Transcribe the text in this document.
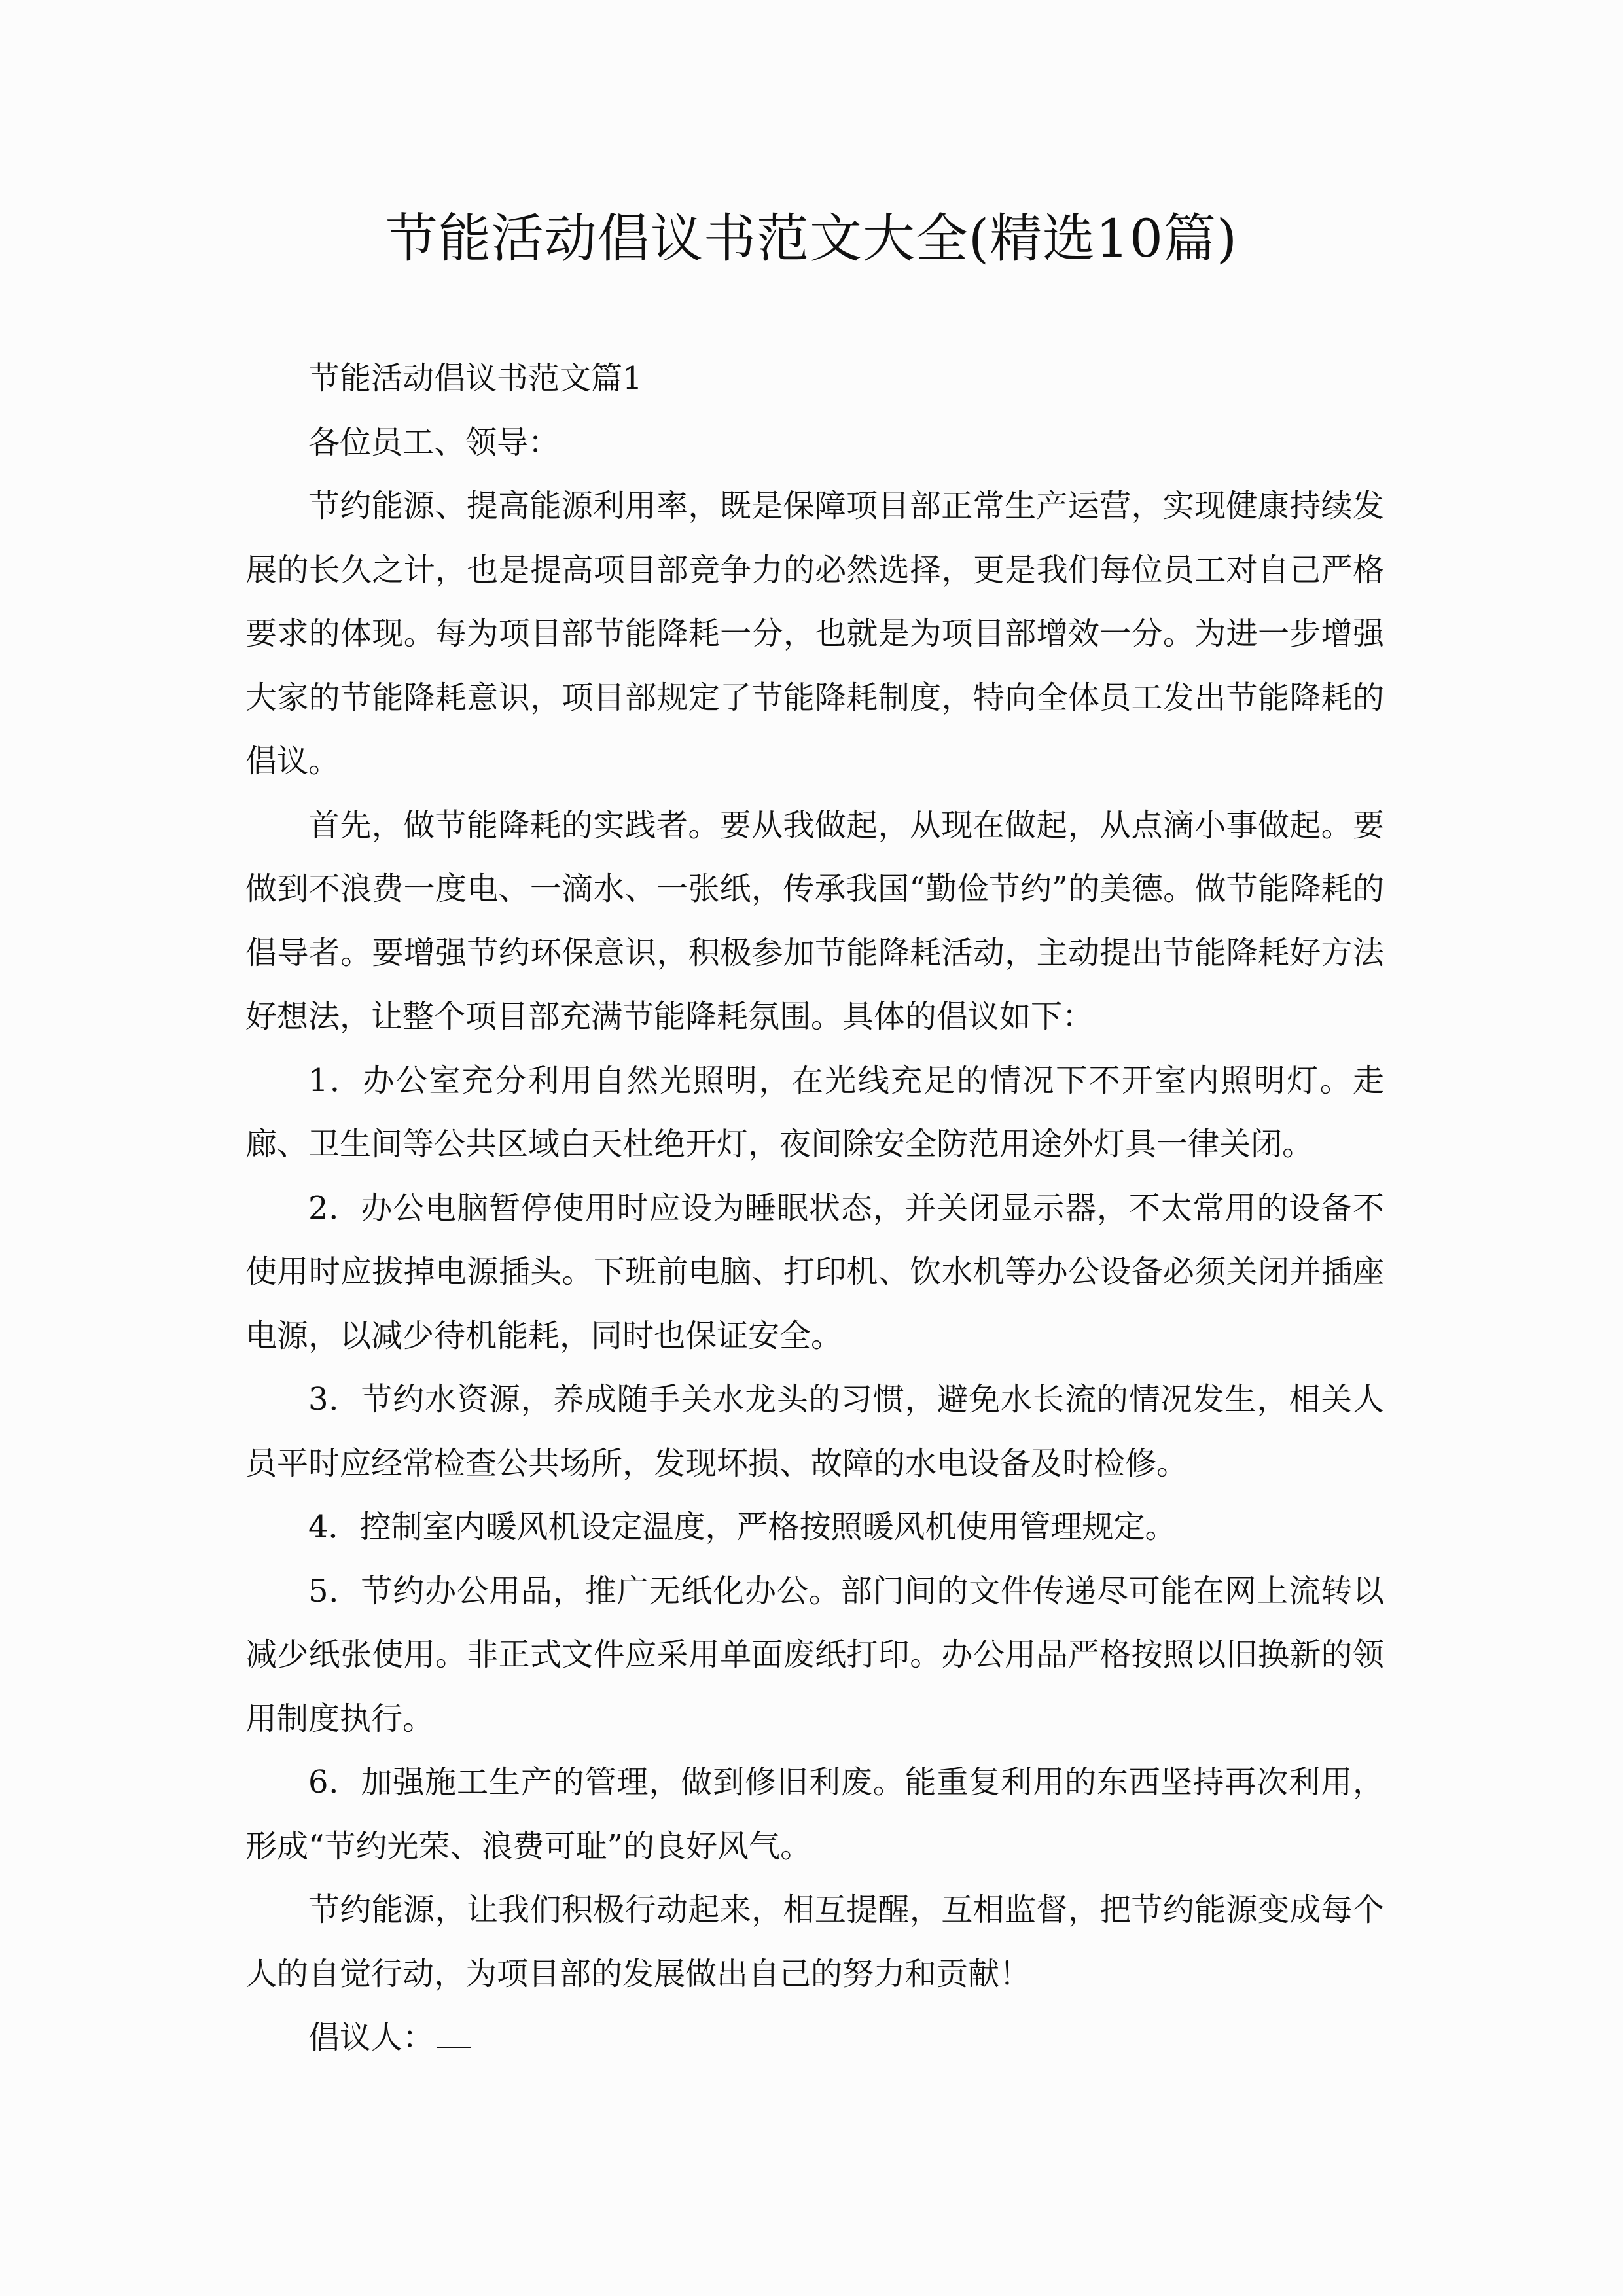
节能活动倡议书范文大全(精选10篇)

节能活动倡议书范文篇1

各位员工、领导：

节约能源、提高能源利用率，既是保障项目部正常生产运营，实现健康持续发展的长久之计，也是提高项目部竞争力的必然选择，更是我们每位员工对自己严格要求的体现。每为项目部节能降耗一分，也就是为项目部增效一分。为进一步增强大家的节能降耗意识，项目部规定了节能降耗制度，特向全体员工发出节能降耗的倡议。

首先，做节能降耗的实践者。要从我做起，从现在做起，从点滴小事做起。要做到不浪费一度电、一滴水、一张纸，传承我国“勤俭节约”的美德。做节能降耗的倡导者。要增强节约环保意识，积极参加节能降耗活动，主动提出节能降耗好方法好想法，让整个项目部充满节能降耗氛围。具体的倡议如下：

1．办公室充分利用自然光照明，在光线充足的情况下不开室内照明灯。走廊、卫生间等公共区域白天杜绝开灯，夜间除安全防范用途外灯具一律关闭。

2．办公电脑暂停使用时应设为睡眠状态，并关闭显示器，不太常用的设备不使用时应拔掉电源插头。下班前电脑、打印机、饮水机等办公设备必须关闭并插座电源，以减少待机能耗，同时也保证安全。

3．节约水资源，养成随手关水龙头的习惯，避免水长流的情况发生，相关人员平时应经常检查公共场所，发现坏损、故障的水电设备及时检修。

4．控制室内暖风机设定温度，严格按照暖风机使用管理规定。

5．节约办公用品，推广无纸化办公。部门间的文件传递尽可能在网上流转以减少纸张使用。非正式文件应采用单面废纸打印。办公用品严格按照以旧换新的领用制度执行。

6．加强施工生产的管理，做到修旧利废。能重复利用的东西坚持再次利用，形成“节约光荣、浪费可耻”的良好风气。

节约能源，让我们积极行动起来，相互提醒，互相监督，把节约能源变成每个人的自觉行动，为项目部的发展做出自己的努力和贡献！

倡议人：
